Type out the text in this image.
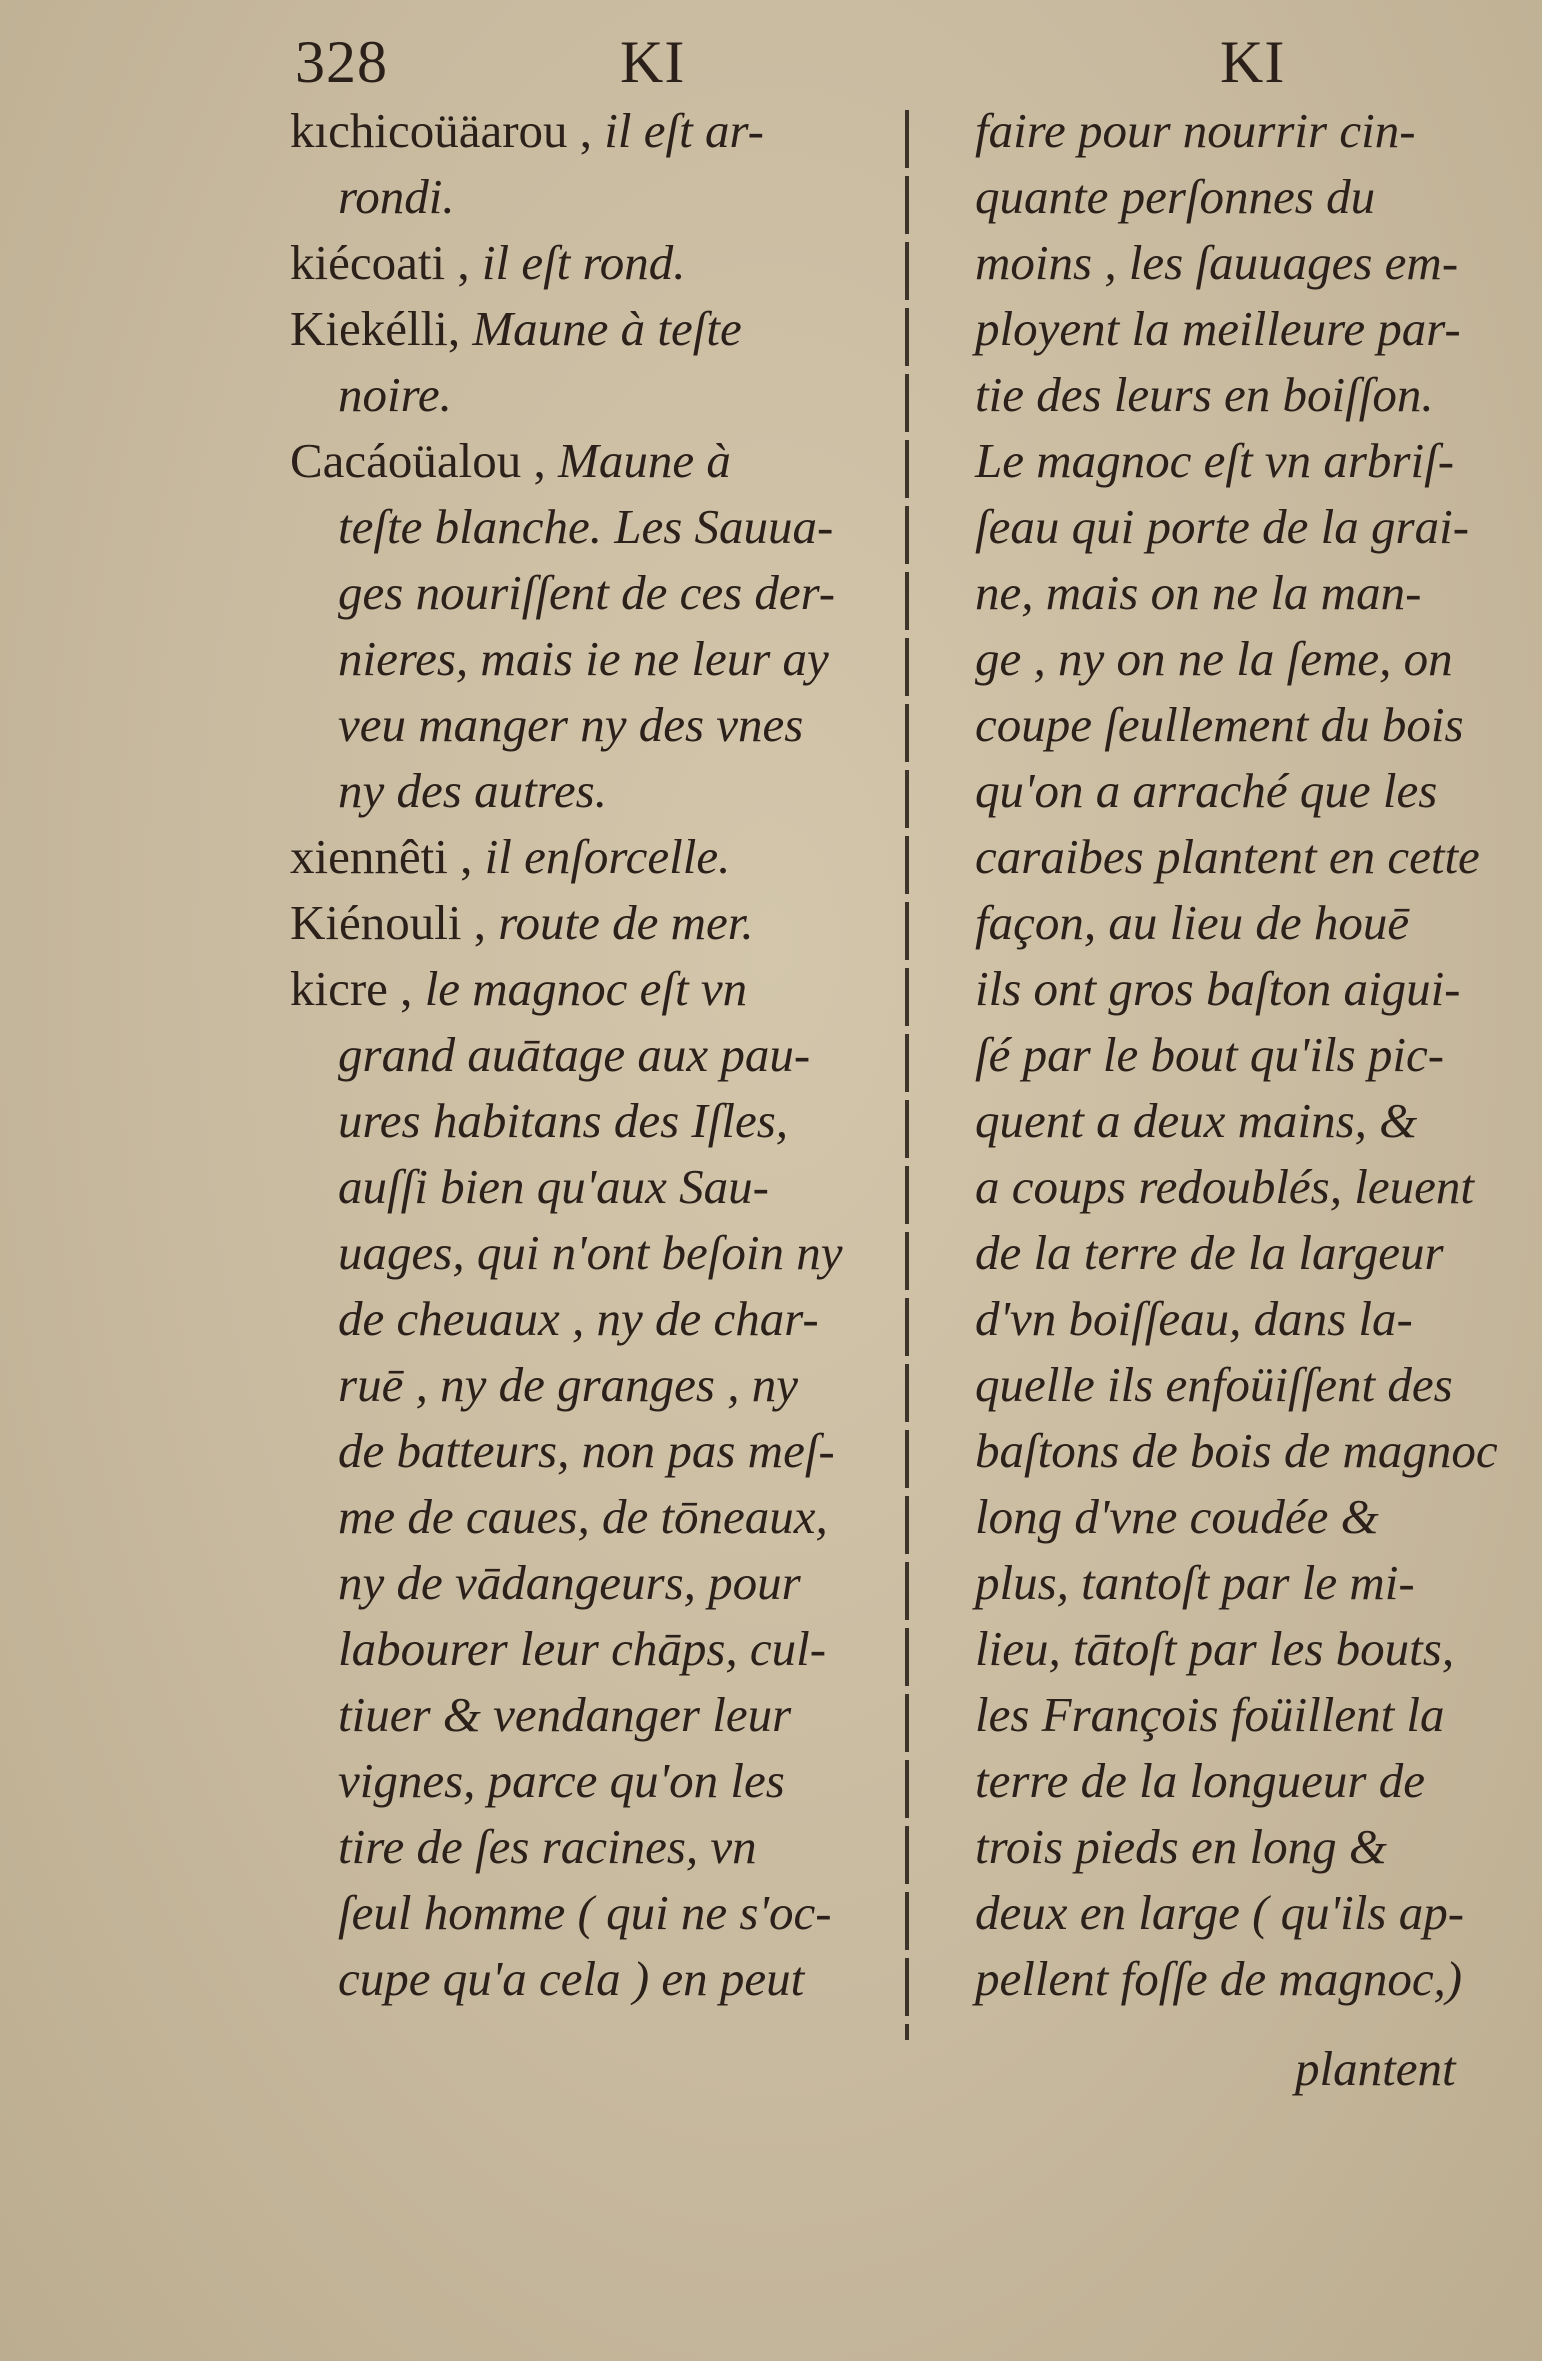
328	KI	KI
kıchicoüäarou , il eſt ar-
rondi.
kiécoati , il eſt rond.
Kiekélli, Maune à teſte
noire.
Cacáoüalou , Maune à
teſte blanche. Les Sauua-
ges nouriſſent de ces der-
nieres, mais ie ne leur ay
veu manger ny des vnes
ny des autres.
xiennêti , il enſorcelle.
Kiénouli , route de mer.
kicre , le magnoc eſt vn
grand auātage aux pau-
ures habitans des Iſles,
auſſi bien qu'aux Sau-
uages, qui n'ont beſoin ny
de cheuaux , ny de char-
ruē , ny de granges , ny
de batteurs, non pas meſ-
me de caues, de tōneaux,
ny de vādangeurs, pour
labourer leur chāps, cul-
tiuer & vendanger leur
vignes, parce qu'on les
tire de ſes racines, vn
ſeul homme ( qui ne s'oc-
cupe qu'a cela ) en peut
faire pour nourrir cin-
quante perſonnes du
moins , les ſauuages em-
ployent la meilleure par-
tie des leurs en boiſſon.
Le magnoc eſt vn arbriſ-
ſeau qui porte de la grai-
ne, mais on ne la man-
ge , ny on ne la ſeme, on
coupe ſeullement du bois
qu'on a arraché que les
caraibes plantent en cette
façon, au lieu de houē
ils ont gros baſton aigui-
ſé par le bout qu'ils pic-
quent a deux mains, &
a coups redoublés, leuent
de la terre de la largeur
d'vn boiſſeau, dans la-
quelle ils enfoüiſſent des
baſtons de bois de magnoc
long d'vne coudée &
plus, tantoſt par le mi-
lieu, tātoſt par les bouts,
les François foüillent la
terre de la longueur de
trois pieds en long &
deux en large ( qu'ils ap-
pellent foſſe de magnoc,)
plantent
